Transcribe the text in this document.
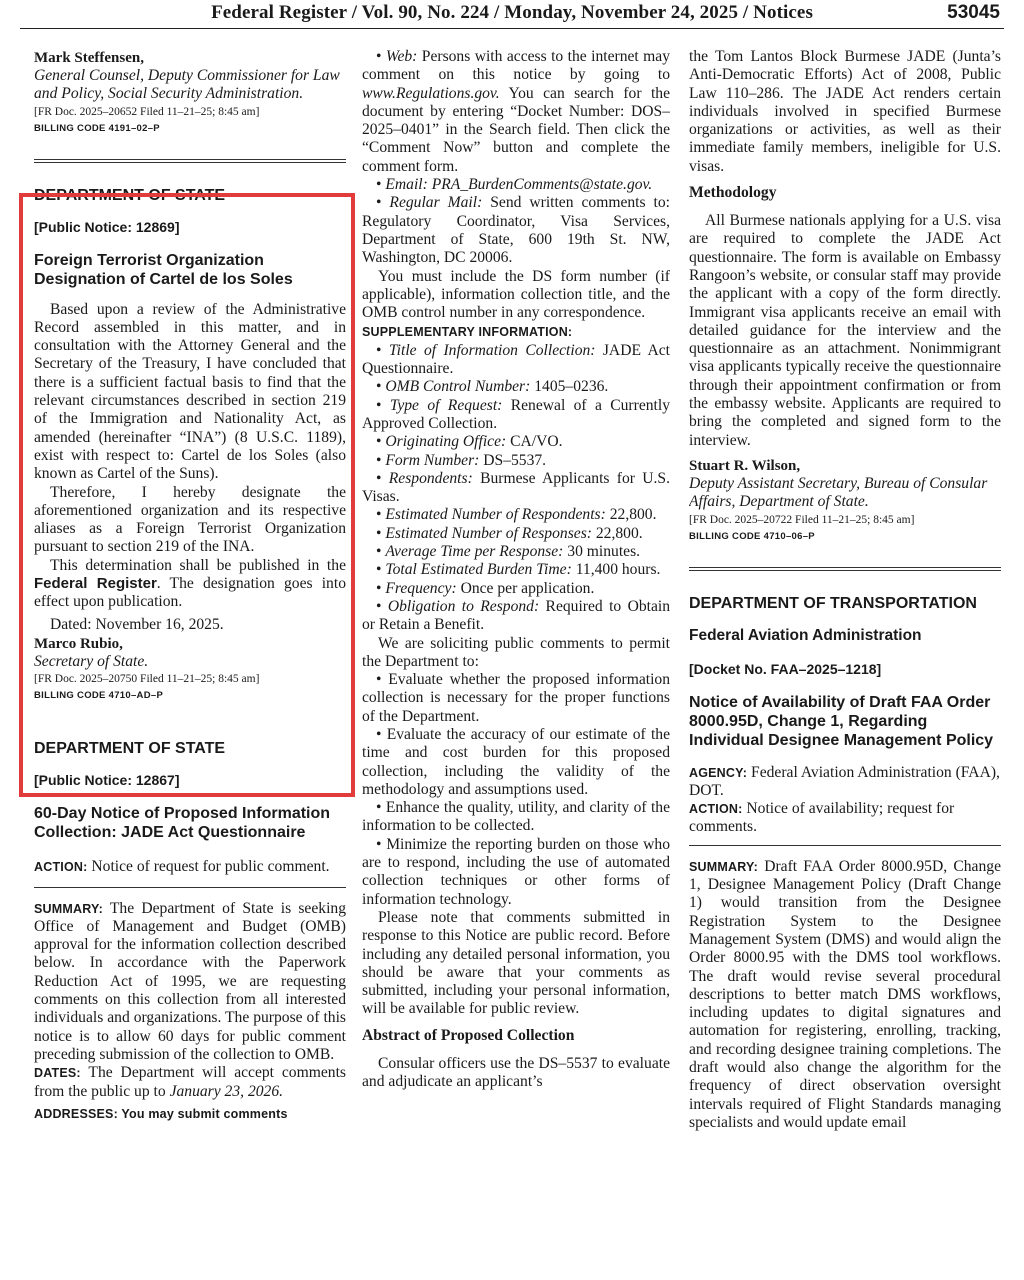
Federal Register / Vol. 90, No. 224 / Monday, November 24, 2025 / Notices	53045
Mark Steffensen,

General Counsel, Deputy Commissioner for Law and Policy, Social Security Administration.

[FR Doc. 2025–20652 Filed 11–21–25; 8:45 am]
BILLING CODE 4191–02–P
DEPARTMENT OF STATE
[Public Notice: 12869]
Foreign Terrorist Organization Designation of Cartel de los Soles

Based upon a review of the Administrative Record assembled in this matter, and in consultation with the Attorney General and the Secretary of the Treasury, I have concluded that there is a sufficient factual basis to find that the relevant circumstances described in section 219 of the Immigration and Nationality Act, as amended (hereinafter “INA”) (8 U.S.C. 1189), exist with respect to: Cartel de los Soles (also known as Cartel of the Suns).

Therefore, I hereby designate the aforementioned organization and its respective aliases as a Foreign Terrorist Organization pursuant to section 219 of the INA.

This determination shall be published in the Federal Register. The designation goes into effect upon publication.

Dated: November 16, 2025.

Marco Rubio,

Secretary of State.

[FR Doc. 2025–20750 Filed 11–21–25; 8:45 am]
BILLING CODE 4710–AD–P
DEPARTMENT OF STATE
[Public Notice: 12867]
60-Day Notice of Proposed Information Collection: JADE Act Questionnaire

ACTION: Notice of request for public comment.

SUMMARY: The Department of State is seeking Office of Management and Budget (OMB) approval for the information collection described below. In accordance with the Paperwork Reduction Act of 1995, we are requesting comments on this collection from all interested individuals and organizations. The purpose of this notice is to allow 60 days for public comment preceding submission of the collection to OMB.

DATES: The Department will accept comments from the public up to January 23, 2026.

ADDRESSES: You may submit comments

• Web: Persons with access to the internet may comment on this notice by going to www.Regulations.gov. You can search for the document by entering “Docket Number: DOS–2025–0401” in the Search field. Then click the “Comment Now” button and complete the comment form.

• Email: PRA_BurdenComments@state.gov.

• Regular Mail: Send written comments to: Regulatory Coordinator, Visa Services, Department of State, 600 19th St. NW, Washington, DC 20006.

You must include the DS form number (if applicable), information collection title, and the OMB control number in any correspondence.

SUPPLEMENTARY INFORMATION:

• Title of Information Collection: JADE Act Questionnaire.

• OMB Control Number: 1405–0236.

• Type of Request: Renewal of a Currently Approved Collection.

• Originating Office: CA/VO.

• Form Number: DS–5537.

• Respondents: Burmese Applicants for U.S. Visas.

• Estimated Number of Respondents: 22,800.

• Estimated Number of Responses: 22,800.

• Average Time per Response: 30 minutes.

• Total Estimated Burden Time: 11,400 hours.

• Frequency: Once per application.

• Obligation to Respond: Required to Obtain or Retain a Benefit.

We are soliciting public comments to permit the Department to:

• Evaluate whether the proposed information collection is necessary for the proper functions of the Department.

• Evaluate the accuracy of our estimate of the time and cost burden for this proposed collection, including the validity of the methodology and assumptions used.

• Enhance the quality, utility, and clarity of the information to be collected.

• Minimize the reporting burden on those who are to respond, including the use of automated collection techniques or other forms of information technology.

Please note that comments submitted in response to this Notice are public record. Before including any detailed personal information, you should be aware that your comments as submitted, including your personal information, will be available for public review.

Abstract of Proposed Collection

Consular officers use the DS–5537 to evaluate and adjudicate an applicant’s

the Tom Lantos Block Burmese JADE (Junta’s Anti-Democratic Efforts) Act of 2008, Public Law 110–286. The JADE Act renders certain individuals involved in specified Burmese organizations or activities, as well as their immediate family members, ineligible for U.S. visas.

Methodology

All Burmese nationals applying for a U.S. visa are required to complete the JADE Act questionnaire. The form is available on Embassy Rangoon’s website, or consular staff may provide the applicant with a copy of the form directly. Immigrant visa applicants receive an email with detailed guidance for the interview and the questionnaire as an attachment. Nonimmigrant visa applicants typically receive the questionnaire through their appointment confirmation or from the embassy website. Applicants are required to bring the completed and signed form to the interview.

Stuart R. Wilson,

Deputy Assistant Secretary, Bureau of Consular Affairs, Department of State.

[FR Doc. 2025–20722 Filed 11–21–25; 8:45 am]
BILLING CODE 4710–06–P
DEPARTMENT OF TRANSPORTATION
Federal Aviation Administration
[Docket No. FAA–2025–1218]
Notice of Availability of Draft FAA Order 8000.95D, Change 1, Regarding Individual Designee Management Policy

AGENCY: Federal Aviation Administration (FAA), DOT.

ACTION: Notice of availability; request for comments.

SUMMARY: Draft FAA Order 8000.95D, Change 1, Designee Management Policy (Draft Change 1) would transition from the Designee Registration System to the Designee Management System (DMS) and would align the Order 8000.95 with the DMS tool workflows. The draft would revise several procedural descriptions to better match DMS workflows, including updates to digital signatures and automation for registering, enrolling, tracking, and recording designee training completions. The draft would also change the algorithm for the frequency of direct observation oversight intervals required of Flight Standards managing specialists and would update email
